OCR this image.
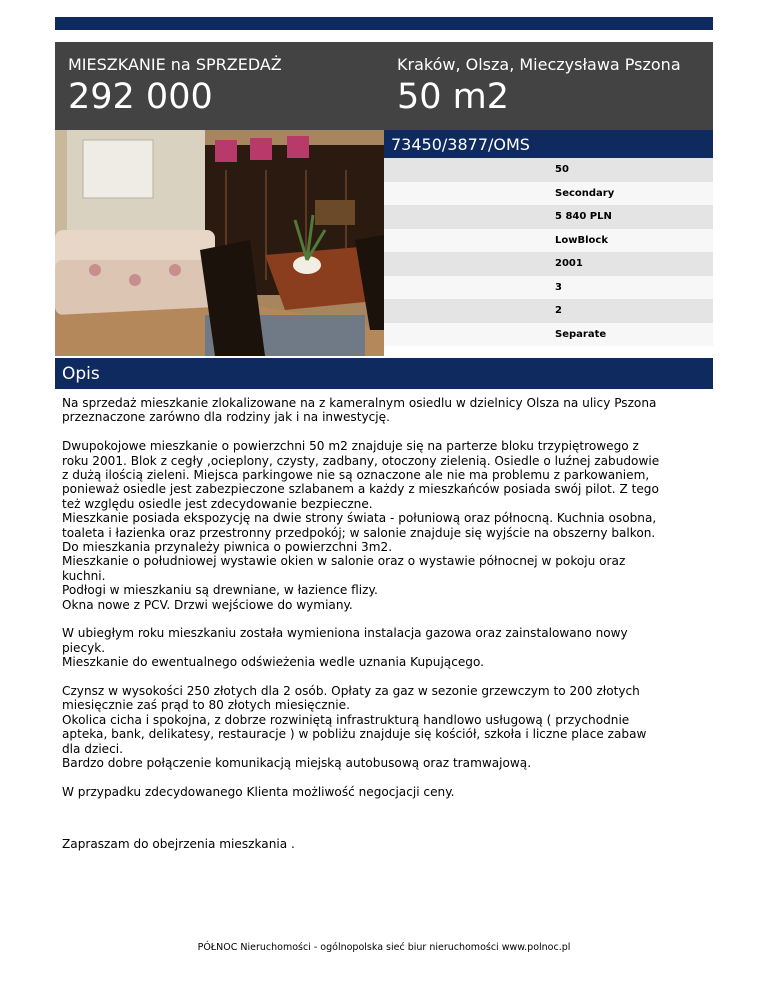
MIESZKANIE na SPRZEDAŻ
292 000
Kraków, Olsza, Mieczysława Pszona
50 m2
73450/3877/OMS
50
Secondary
5 840 PLN
LowBlock
2001
3
2
Separate
Opis

Na sprzedaż mieszkanie zlokalizowane na z kameralnym osiedlu w dzielnicy Olsza na ulicy Pszona
przeznaczone zarówno dla rodziny jak i na inwestycję.

Dwupokojowe mieszkanie o powierzchni 50 m2 znajduje się na parterze bloku trzypiętrowego z
roku 2001. Blok z cegły ,ocieplony, czysty, zadbany, otoczony zielenią. Osiedle o luźnej zabudowie
z dużą ilością zieleni. Miejsca parkingowe nie są oznaczone ale nie ma problemu z parkowaniem,
ponieważ osiedle jest zabezpieczone szlabanem a każdy z mieszkańców posiada swój pilot. Z tego
też względu osiedle jest zdecydowanie bezpieczne.
Mieszkanie posiada ekspozycję na dwie strony świata - połuniową oraz północną. Kuchnia osobna,
toaleta i łazienka oraz przestronny przedpokój; w salonie znajduje się wyjście na obszerny balkon.
Do mieszkania przynależy piwnica o powierzchni 3m2.
Mieszkanie o południowej wystawie okien w salonie oraz o wystawie północnej w pokoju oraz
kuchni.
Podłogi w mieszkaniu są drewniane, w łazience flizy.
Okna nowe z PCV. Drzwi wejściowe do wymiany.

W ubiegłym roku mieszkaniu została wymieniona instalacja gazowa oraz zainstalowano nowy
piecyk.
Mieszkanie do ewentualnego odświeżenia wedle uznania Kupującego.

Czynsz w wysokości 250 złotych dla 2 osób. Opłaty za gaz w sezonie grzewczym to 200 złotych
miesięcznie zaś prąd to 80 złotych miesięcznie.
Okolica cicha i spokojna, z dobrze rozwiniętą infrastrukturą handlowo usługową ( przychodnie
apteka, bank, delikatesy, restauracje ) w pobliżu znajduje się kościół, szkoła i liczne place zabaw
dla dzieci.
Bardzo dobre połączenie komunikacją miejską autobusową oraz tramwajową.

W przypadku zdecydowanego Klienta możliwość negocjacji ceny.

Zapraszam do obejrzenia mieszkania .

PÓŁNOC Nieruchomości - ogólnopolska sieć biur nieruchomości www.polnoc.pl
